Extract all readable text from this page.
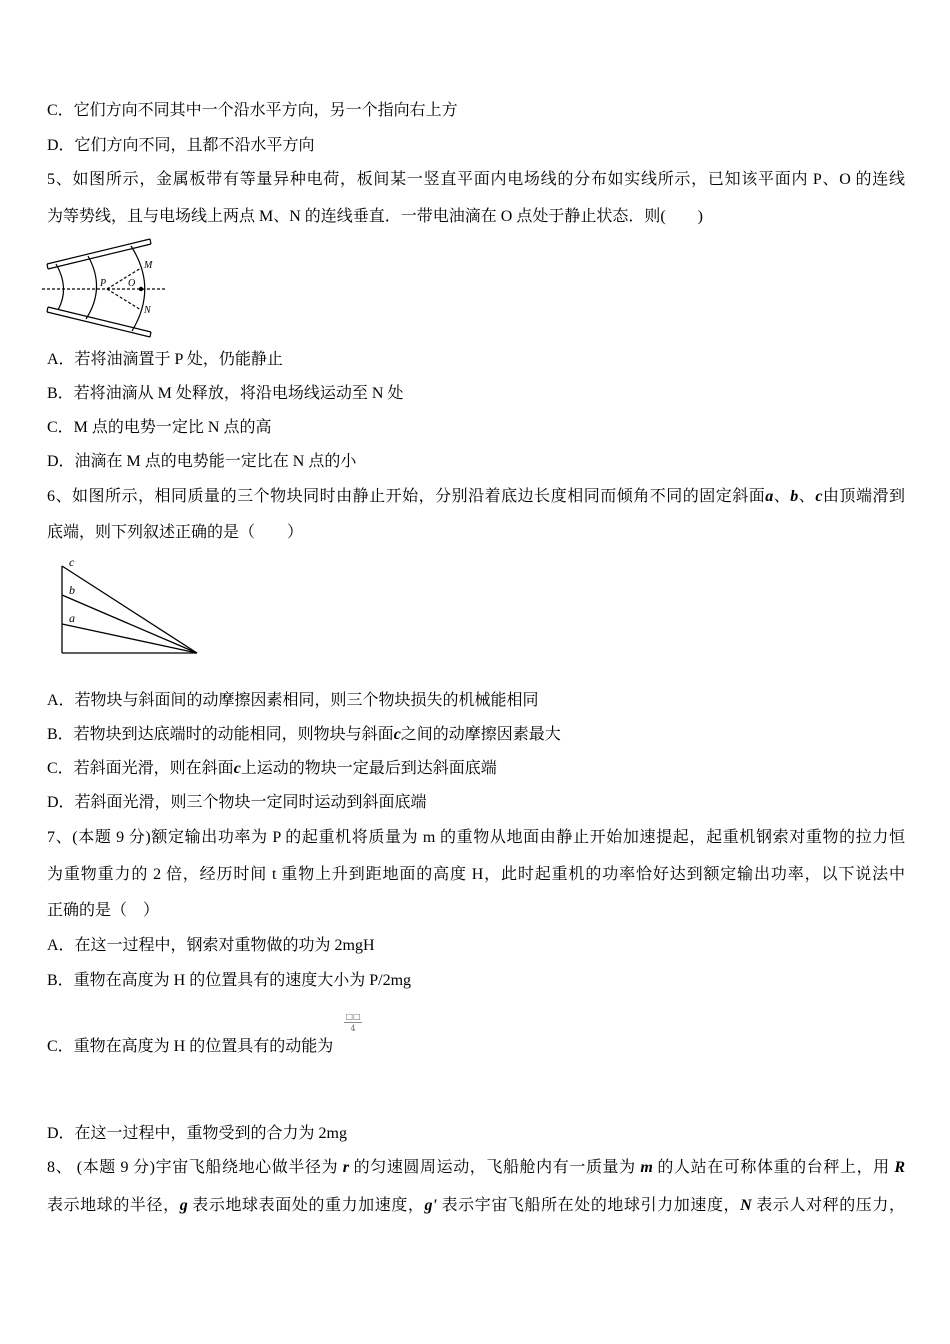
C．它们方向不同其中一个沿水平方向，另一个指向右上方
D．它们方向不同，且都不沿水平方向
5、如图所示，金属板带有等量异种电荷，板间某一竖直平面内电场线的分布如实线所示，已知该平面内 P、O 的连线
为等势线，且与电场线上两点 M、N 的连线垂直．一带电油滴在 O 点处于静止状态．则(　　)
P O
M
N
A．若将油滴置于 P 处，仍能静止
B．若将油滴从 M 处释放，将沿电场线运动至 N 处
C．M 点的电势一定比 N 点的高
D．油滴在 M 点的电势能一定比在 N 点的小
6、如图所示，相同质量的三个物块同时由静止开始，分别沿着底边长度相同而倾角不同的固定斜面a、b、c由顶端滑到
底端，则下列叙述正确的是（　　）
c
b
a
A．若物块与斜面间的动摩擦因素相同，则三个物块损失的机械能相同
B．若物块到达底端时的动能相同，则物块与斜面c之间的动摩擦因素最大
C．若斜面光滑，则在斜面c上运动的物块一定最后到达斜面底端
D．若斜面光滑，则三个物块一定同时运动到斜面底端
7、(本题 9 分)额定输出功率为 P 的起重机将质量为 m 的重物从地面由静止开始加速提起，起重机钢索对重物的拉力恒
为重物重力的 2 倍，经历时间 t 重物上升到距地面的高度 H，此时起重机的功率恰好达到额定输出功率，以下说法中
正确的是（　）
A．在这一过程中，钢索对重物做的功为 2mgH
B．重物在高度为 H 的位置具有的速度大小为 P/2mg
C．重物在高度为 H 的位置具有的动能为
□□
4
D．在这一过程中，重物受到的合力为 2mg
8、 (本题 9 分)宇宙飞船绕地心做半径为 r 的匀速圆周运动，飞船舱内有一质量为 m 的人站在可称体重的台秤上，用 R
表示地球的半径，g 表示地球表面处的重力加速度，g' 表示宇宙飞船所在处的地球引力加速度，N 表示人对秤的压力，
